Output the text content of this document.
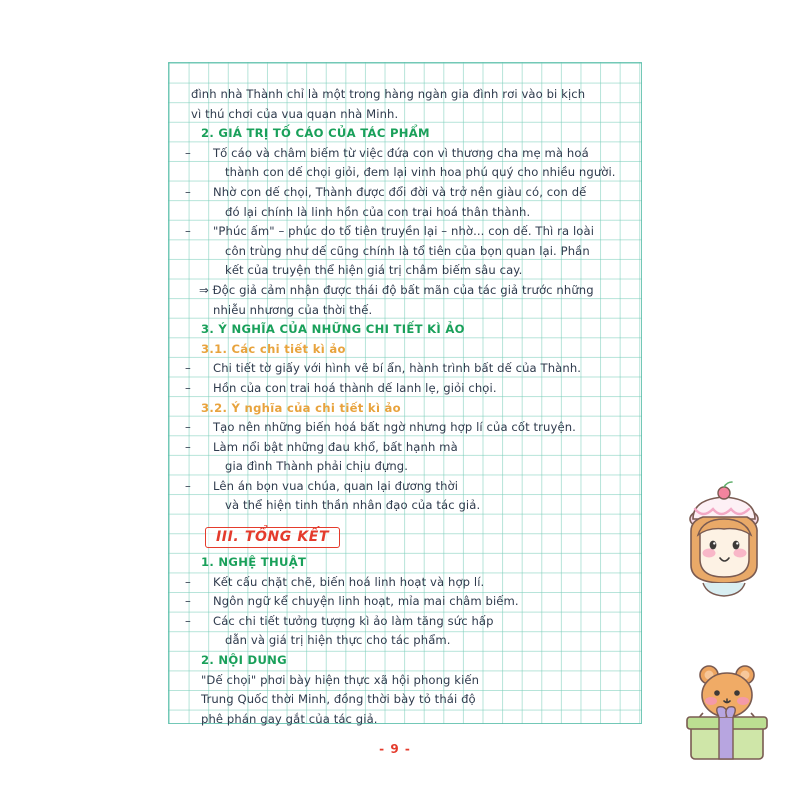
đình nhà Thành chỉ là một trong hàng ngàn gia đình rơi vào bi kịch
vì thú chơi của vua quan nhà Minh.
2. GIÁ TRỊ TỐ CÁO CỦA TÁC PHẨM
Tố cáo và châm biếm từ việc đứa con vì thương cha mẹ mà hoá
thành con dế chọi giỏi, đem lại vinh hoa phú quý cho nhiều người.
Nhờ con dế chọi, Thành được đổi đời và trở nên giàu có, con dế
đó lại chính là linh hồn của con trai hoá thân thành.
"Phúc ấm" – phúc do tổ tiên truyền lại – nhờ... con dế. Thì ra loài
côn trùng như dế cũng chính là tổ tiên của bọn quan lại. Phần
kết của truyện thể hiện giá trị châm biếm sâu cay.
⇒ Độc giả cảm nhận được thái độ bất mãn của tác giả trước những
nhiễu nhương của thời thế.
3. Ý NGHĨA CỦA NHỮNG CHI TIẾT KÌ ẢO
3.1. Các chi tiết kì ảo
Chi tiết tờ giấy với hình vẽ bí ẩn, hành trình bất dế của Thành.
Hồn của con trai hoá thành dế lanh lẹ, giỏi chọi.
3.2. Ý nghĩa của chi tiết kì ảo
Tạo nên những biến hoá bất ngờ nhưng hợp lí của cốt truyện.
Làm nổi bật những đau khổ, bất hạnh mà
gia đình Thành phải chịu đựng.
Lên án bọn vua chúa, quan lại đương thời
và thể hiện tinh thần nhân đạo của tác giả.
III. TỔNG KẾT
1. NGHỆ THUẬT
Kết cấu chặt chẽ, biến hoá linh hoạt và hợp lí.
Ngôn ngữ kể chuyện linh hoạt, mỉa mai châm biếm.
Các chi tiết tưởng tượng kì ảo làm tăng sức hấp
dẫn và giá trị hiện thực cho tác phẩm.
2. NỘI DUNG
"Dế chọi" phơi bày hiện thực xã hội phong kiến
Trung Quốc thời Minh, đồng thời bày tỏ thái độ
phê phán gay gắt của tác giả.
- 9 -
